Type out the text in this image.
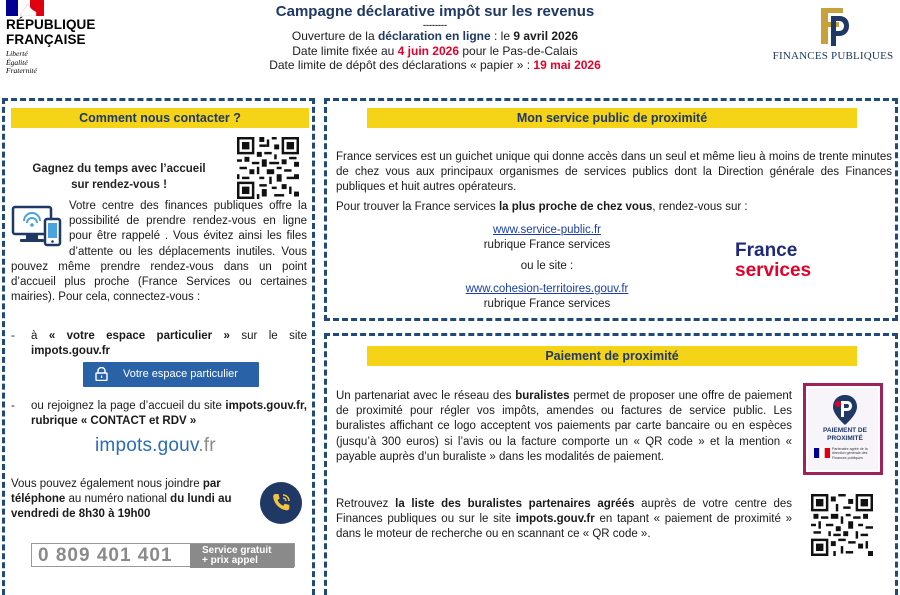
RÉPUBLIQUE
FRANÇAISE
Liberté
Égalité
Fraternité
Campagne déclarative impôt sur les revenus
--------
Ouverture de la déclaration en ligne : le 9 avril 2026
Date limite fixée au 4 juin 2026 pour le Pas-de-Calais
Date limite de dépôt des déclarations « papier » : 19 mai 2026
FINANCES PUBLIQUES
Comment nous contacter ?
Gagnez du temps avec l’accueil
sur rendez-vous !
Votre centre des finances publiques offre la possibilité de prendre rendez-vous en ligne pour être rappelé . Vous évitez ainsi les files d’attente ou les déplacements inutiles. Vous pouvez même prendre rendez-vous dans un point d’accueil plus proche (France Services ou certaines mairies). Pour cela, connectez-vous :
- à « votre espace particulier » sur le site impots.gouv.fr
Votre espace particulier
- ou rejoignez la page d’accueil du site impots.gouv.fr, rubrique « CONTACT et RDV »
impots.gouv.fr
Vous pouvez également nous joindre par téléphone au numéro national du lundi au vendredi de 8h30 à 19h00
0 809 401 401	Service gratuit
+ prix appel
Mon service public de proximité
France services est un guichet unique qui donne accès dans un seul et même lieu à moins de trente minutes de chez vous aux principaux organismes de services publics dont la Direction générale des Finances publiques et huit autres opérateurs.
Pour trouver la France services la plus proche de chez vous, rendez-vous sur :
www.service-public.fr
rubrique France services
ou le site :
www.cohesion-territoires.gouv.fr
rubrique France services
France
services
Paiement de proximité
Un partenariat avec le réseau des buralistes permet de proposer une offre de paiement de proximité pour régler vos impôts, amendes ou factures de service public. Les buralistes affichant ce logo acceptent vos paiements par carte bancaire ou en espèces (jusqu’à 300 euros) si l’avis ou la facture comporte un « QR code » et la mention « payable auprès d’un buraliste » dans les modalités de paiement.
Retrouvez la liste des buralistes partenaires agréés auprès de votre centre des Finances publiques ou sur le site impots.gouv.fr en tapant « paiement de proximité » dans le moteur de recherche ou en scannant ce « QR code ».
PAIEMENT DE
PROXIMITÉ
Partenaire agréé de la direction générale des Finances publiques
